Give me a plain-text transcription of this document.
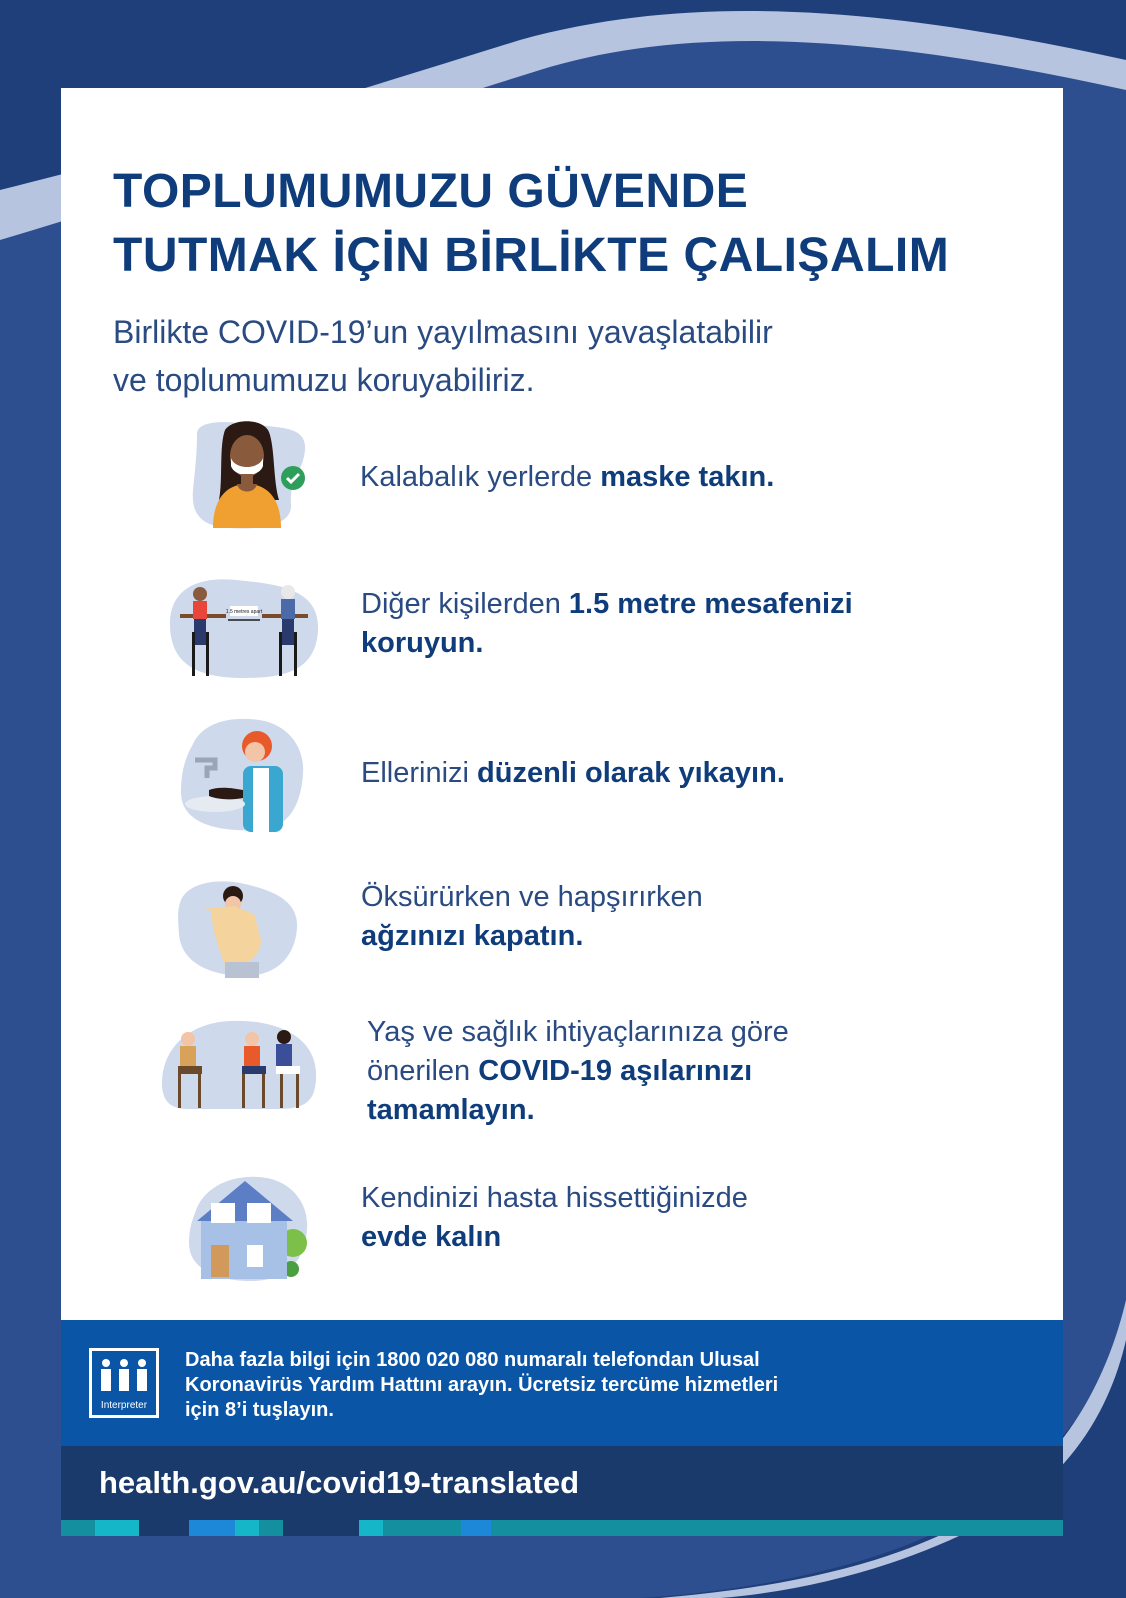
TOPLUMUMUZU GÜVENDE
TUTMAK İÇİN BİRLİKTE ÇALIŞALIM

Birlikte COVID-19’un yayılmasını yavaşlatabilir
ve toplumumuzu koruyabiliriz.

Kalabalık yerlerde maske takın.
1.5 metres apart	Diğer kişilerden 1.5 metre mesafenizi
koruyun.
Ellerinizi düzenli olarak yıkayın.
Öksürürken ve hapşırırken
ağzınızı kapatın.
Yaş ve sağlık ihtiyaçlarınıza göre
önerilen COVID-19 aşılarınızı
tamamlayın.
Kendinizi hasta hissettiğinizde
evde kalın
Interpreter

Daha fazla bilgi için 1800 020 080 numaralı telefondan Ulusal
Koronavirüs Yardım Hattını arayın. Ücretsiz tercüme hizmetleri
için 8’i tuşlayın.

health.gov.au/covid19-translated
